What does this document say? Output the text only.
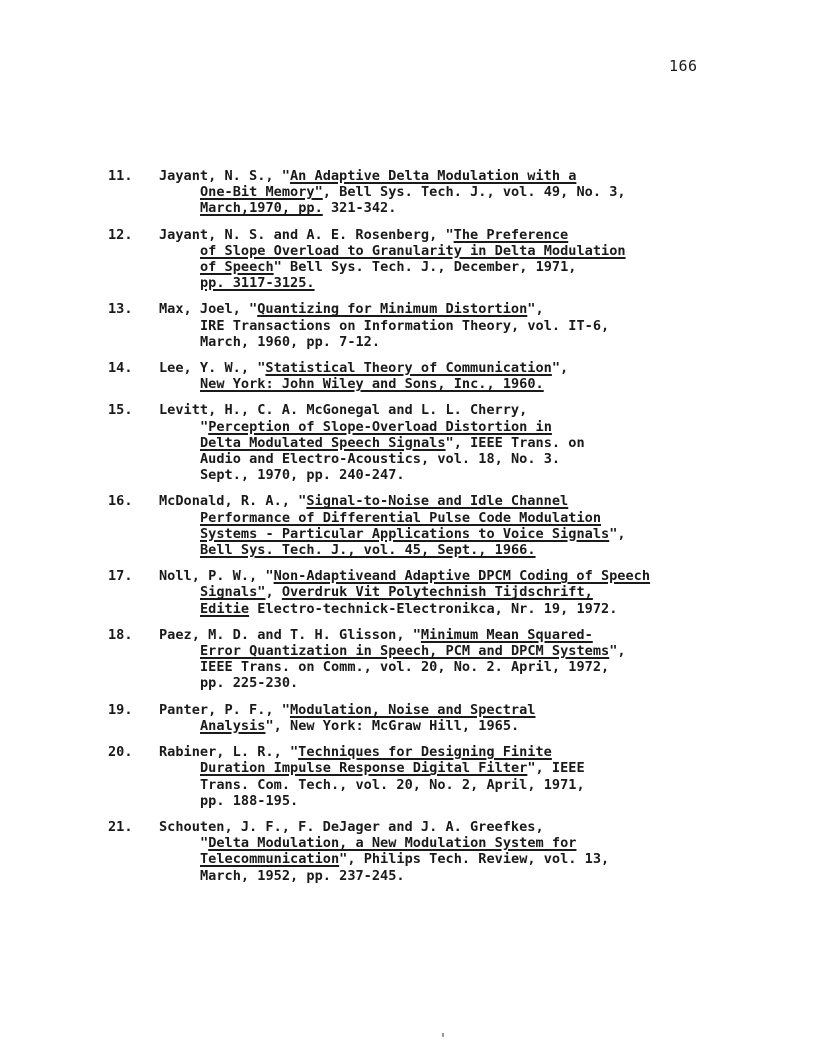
166
11. Jayant, N. S., "An Adaptive Delta Modulation with a
One-Bit Memory", Bell Sys. Tech. J., vol. 49, No. 3,
March,1970, pp. 321-342.
12. Jayant, N. S. and A. E. Rosenberg, "The Preference
of Slope Overload to Granularity in Delta Modulation
of Speech" Bell Sys. Tech. J., December, 1971,
pp. 3117-3125.
13. Max, Joel, "Quantizing for Minimum Distortion",
IRE Transactions on Information Theory, vol. IT-6,
March, 1960, pp. 7-12.
14. Lee, Y. W., "Statistical Theory of Communication",
New York: John Wiley and Sons, Inc., 1960.
15. Levitt, H., C. A. McGonegal and L. L. Cherry,
"Perception of Slope-Overload Distortion in
Delta Modulated Speech Signals", IEEE Trans. on
Audio and Electro-Acoustics, vol. 18, No. 3.
Sept., 1970, pp. 240-247.
16. McDonald, R. A., "Signal-to-Noise and Idle Channel
Performance of Differential Pulse Code Modulation
Systems - Particular Applications to Voice Signals",
Bell Sys. Tech. J., vol. 45, Sept., 1966.
17. Noll, P. W., "Non-Adaptiveand Adaptive DPCM Coding of Speech
Signals", Overdruk Vit Polytechnish Tijdschrift,
Editie Electro-technick-Electronikca, Nr. 19, 1972.
18. Paez, M. D. and T. H. Glisson, "Minimum Mean Squared-
Error Quantization in Speech, PCM and DPCM Systems",
IEEE Trans. on Comm., vol. 20, No. 2. April, 1972,
pp. 225-230.
19. Panter, P. F., "Modulation, Noise and Spectral
Analysis", New York: McGraw Hill, 1965.
20. Rabiner, L. R., "Techniques for Designing Finite
Duration Impulse Response Digital Filter", IEEE
Trans. Com. Tech., vol. 20, No. 2, April, 1971,
pp. 188-195.
21. Schouten, J. F., F. DeJager and J. A. Greefkes,
"Delta Modulation, a New Modulation System for
Telecommunication", Philips Tech. Review, vol. 13,
March, 1952, pp. 237-245.
